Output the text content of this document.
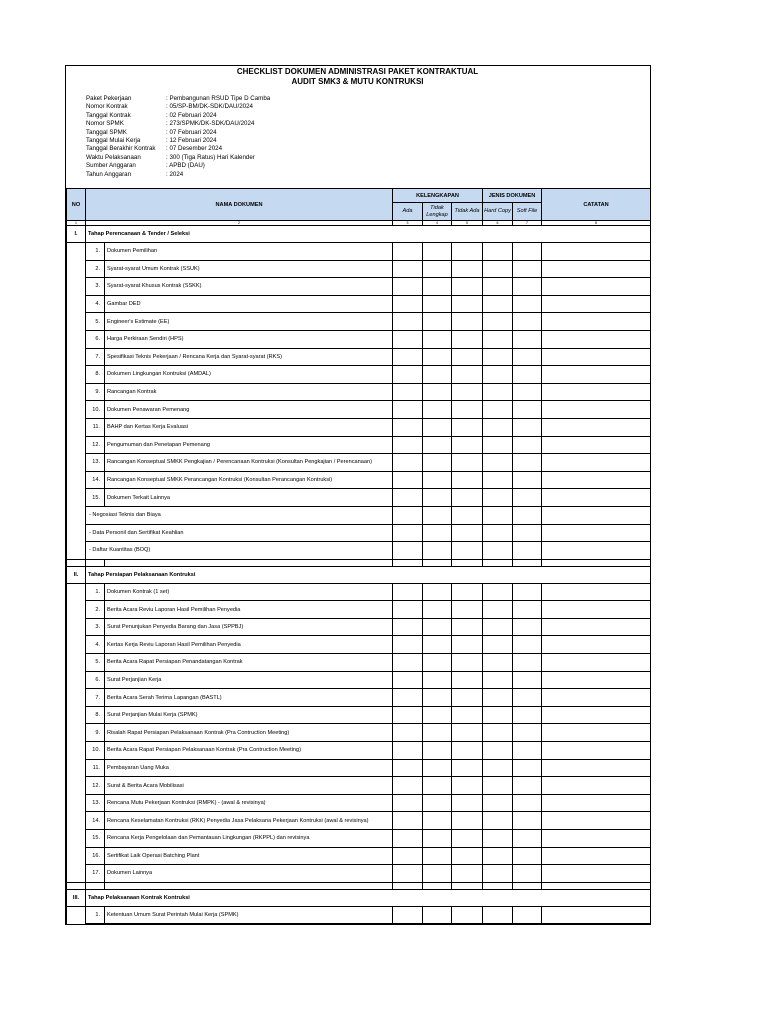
CHECKLIST DOKUMEN ADMINISTRASI PAKET KONTRAKTUAL
AUDIT SMK3 & MUTU KONTRUKSI
Paket Pekerjaan	: Pembangunan RSUD Tipe D Camba
Nomor Kontrak	: 05/SP-BM/DK-SDK/DAU/2024
Tanggal Kontrak	: 02 Februari 2024
Nomor SPMK	: 273/SPMK/DK-SDK/DAU/2024
Tanggal SPMK	: 07 Februari 2024
Tanggal Mulai Kerja	: 12 Februari 2024
Tanggal Berakhir Kontrak	: 07 Desember 2024
Waktu Pelaksanaan	: 300 (Tiga Ratus) Hari Kalender
Sumber Anggaran	: APBD (DAU)
Tahun Anggaran	: 2024
NO	NAMA DOKUMEN		KELENGKAPAN			JENIS DOKUMEN		CATATAN
			Ada	Tidak Lengkap	Tidak Ada	Hard Copy	Soft File	
1	2		3	4	5	6	7	8
I.	Tahap Perencanaan & Tender / Seleksi							
	1.	Dokumen Pemilihan						
	2.	Syarat-syarat Umum Kontrak (SSUK)						
	3.	Syarat-syarat Khusus Kontrak (SSKK)						
	4.	Gambar DED						
	5.	Engineer's Estimate (EE)						
	6.	Harga Perkiraan Sendiri (HPS)						
	7.	Spesifikasi Teknis Pekerjaan / Rencana Kerja dan Syarat-syarat (RKS)						
	8.	Dokumen Lingkungan Kontruksi (AMDAL)						
	9.	Rancangan Kontrak						
	10.	Dokumen Penawaran Pemenang						
	11.	BAHP dan Kertas Kerja Evaluasi						
	12.	Pengumuman dan Penetapan Pemenang						
	13.	Rancangan Konseptual SMKK Pengkajian / Perencanaan Kontruksi (Konsultan Pengkajian / Perencanaan)						
	14.	Rancangan Konseptual SMKK Perancangan Kontruksi (Konsultan Perancangan Kontruksi)						
	15.	Dokumen Terkait Lainnya						
	- Negosiasi Teknis dan Biaya							
	- Data Personil dan Sertifikat Keahlian							
	- Daftar Kuantitas (BOQ)							

II.	Tahap Persiapan Pelaksanaan Kontruksi							
	1.	Dokumen Kontrak (1 set)						
	2.	Berita Acara Reviu Laporan Hasil Pemilihan Penyedia						
	3.	Surat Penunjukan Penyedia Barang dan Jasa (SPPBJ)						
	4.	Kertas Kerja Reviu Laporan Hasil Pemilihan Penyedia						
	5.	Berita Acara Rapat Persiapan Penandatangan Kontrak						
	6.	Surat Perjanjian Kerja						
	7.	Berita Acara Serah Terima Lapangan (BASTL)						
	8.	Surat Perjanjian Mulai Kerja (SPMK)						
	9.	Risalah Rapat Persiapan Pelaksanaan Kontrak (Pra Contruction Meeting)						
	10.	Berita Acara Rapat Persiapan Pelaksanaan Kontrak (Pra Contruction Meeting)						
	11.	Pembayaran Uang Muka						
	12.	Surat & Berita Acara Mobilisasi						
	13.	Rencana Mutu Pekerjaan Kontruksi (RMPK) - (awal & revisinya)						
	14.	Rencana Keselamatan Kontruksi (RKK) Penyedia Jasa Pelaksana Pekerjaan Kontruksi (awal & revisinya)						
	15.	Rencana Kerja Pengelolaan dan Pemantauan Lingkungan (RKPPL) dan revisinya						
	16.	Sertifikat Laik Operasi Batching Plant						
	17.	Dokumen Lainnya						

III.	Tahap Pelaksanaan Kontrak Kontruksi							
	1.	Ketentuan Umum Surat Perintah Mulai Kerja (SPMK)						
